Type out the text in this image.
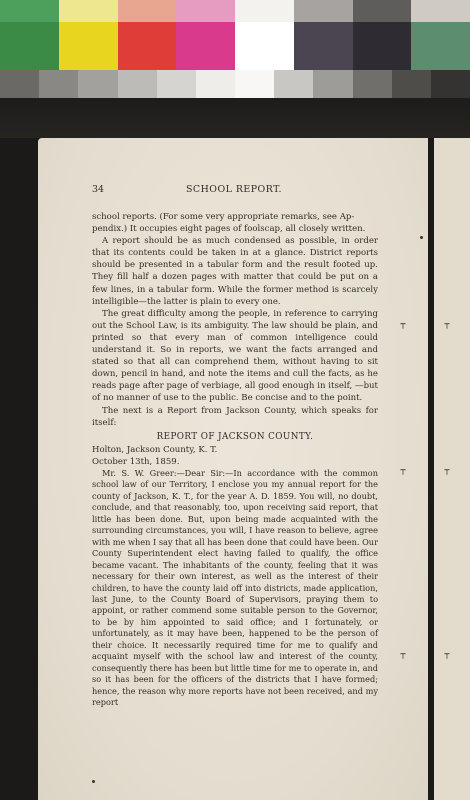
34	SCHOOL REPORT.

school reports. (For some very appropriate remarks, see Ap-

pendix.) It occupies eight pages of foolscap, all closely written.

A report should be as much condensed as possible, in order that its contents could be taken in at a glance. District reports should be presented in a tabular form and the result footed up. They fill half a dozen pages with matter that could be put on a few lines, in a tabular form. While the former method is scarcely intelligible—the latter is plain to every one.

The great difficulty among the people, in reference to carrying out the School Law, is its ambiguity. The law should be plain, and printed so that every man of common intelligence could understand it. So in reports, we want the facts arranged and stated so that all can comprehend them, without having to sit down, pencil in hand, and note the items and cull the facts, as he reads page after page of verbiage, all good enough in itself, —but of no manner of use to the public. Be concise and to the point.

The next is a Report from Jackson County, which speaks for itself:

REPORT OF JACKSON COUNTY.

Holton, Jackson County, K. T.

October 13th, 1859.

Mr. S. W. Greer:—Dear Sir:—In accordance with the common school law of our Territory, I enclose you my annual report for the county of Jackson, K. T., for the year A. D. 1859. You will, no doubt, conclude, and that reasonably, too, upon receiving said report, that little has been done. But, upon being made acquainted with the surrounding circumstances, you will, I have reason to believe, agree with me when I say that all has been done that could have been. Our County Superintendent elect having failed to qualify, the office became vacant. The inhabitants of the county, feeling that it was necessary for their own interest, as well as the interest of their children, to have the county laid off into districts, made application, last June, to the County Board of Supervisors, praying them to appoint, or rather commend some suitable person to the Governor, to be by him appointed to said office; and I fortunately, or unfortunately, as it may have been, happened to be the person of their choice. It necessarily required time for me to qualify and acquaint myself with the school law and interest of the county, consequently there has been but little time for me to operate in, and so it has been for the officers of the districts that I have formed; hence, the reason why more reports have not been received, and my report

⸆	⸆
⸆	⸆
⸆	⸆
